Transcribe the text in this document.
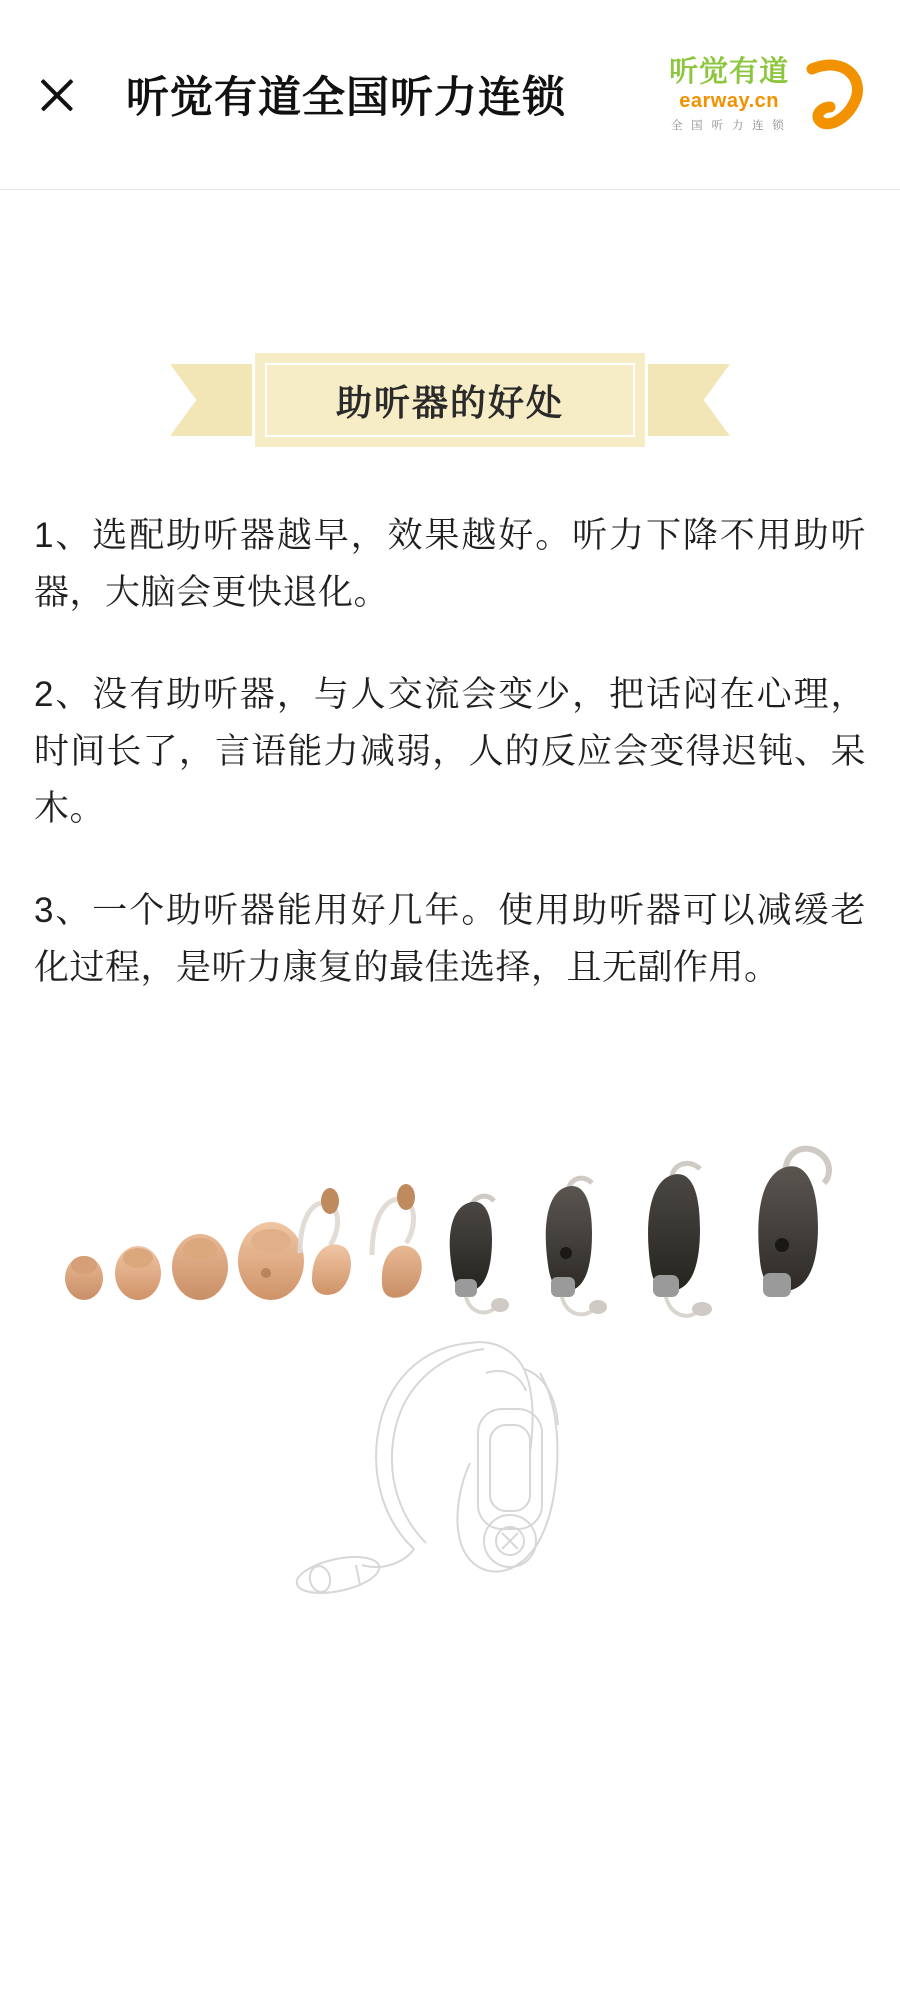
听觉有道全国听力连锁
听觉有道
earway.cn
全 国 听 力 连 锁
助听器的好处

1、选配助听器越早，效果越好。听力下降不用助听器，大脑会更快退化。

2、没有助听器，与人交流会变少，把话闷在心理，时间长了，言语能力减弱，人的反应会变得迟钝、呆木。

3、一个助听器能用好几年。使用助听器可以减缓老化过程，是听力康复的最佳选择，且无副作用。
